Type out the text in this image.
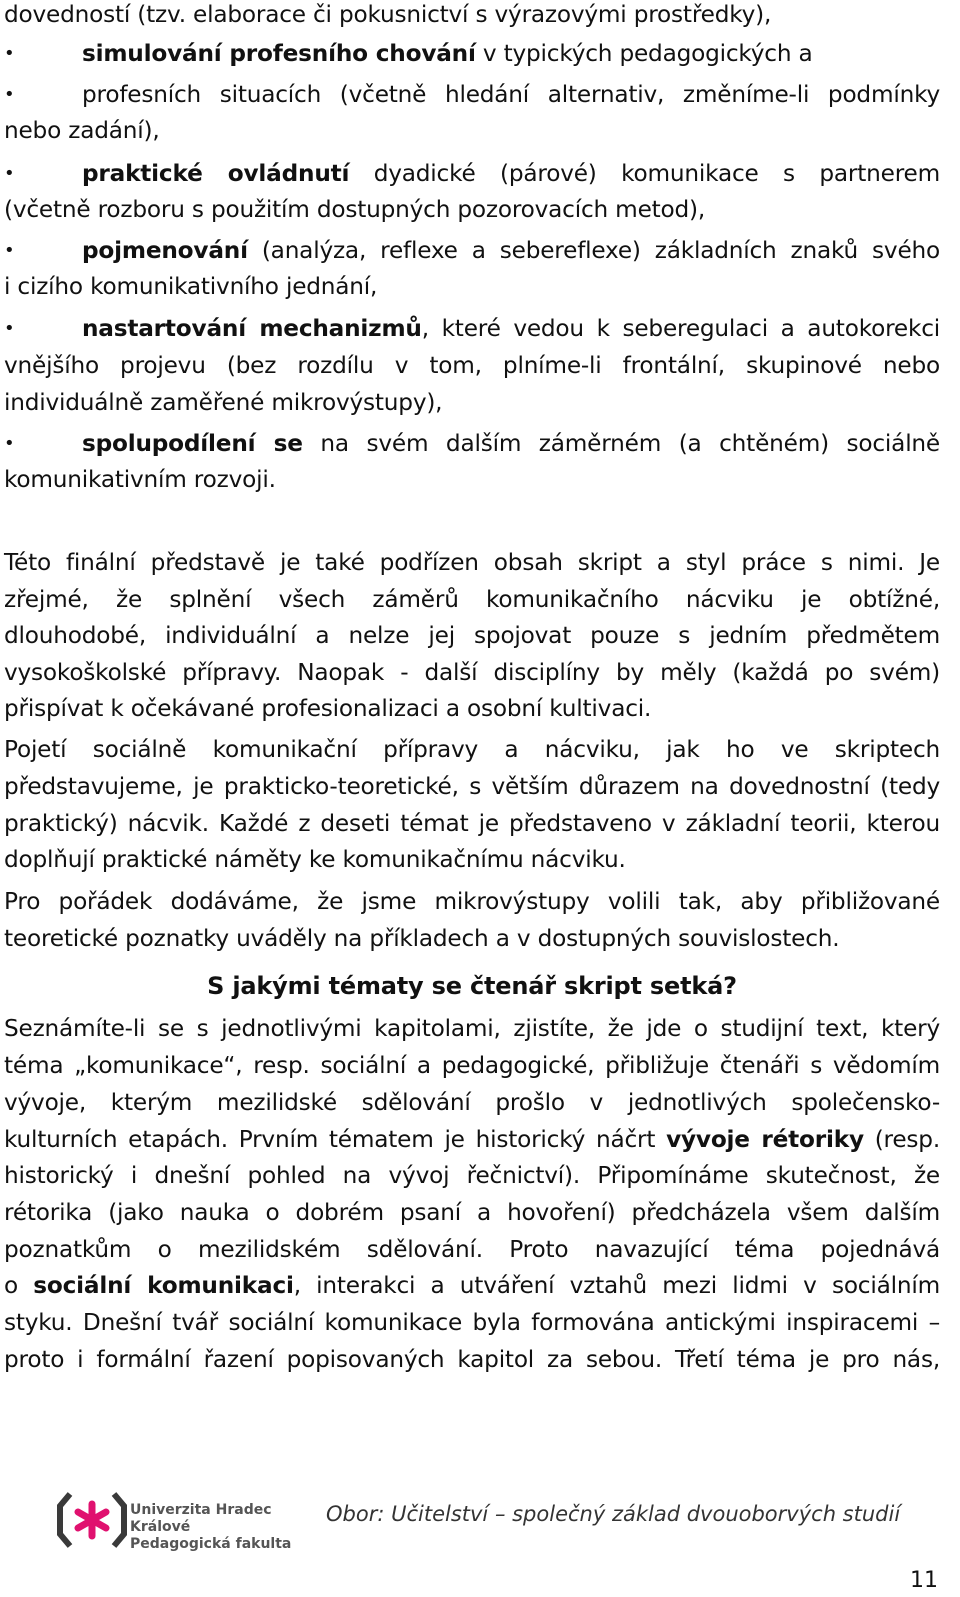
dovedností (tzv. elaborace či pokusnictví s výrazovými prostředky),
•	simulování profesního chování v typických pedagogických a
•	profesních situacích (včetně hledání alternativ, změníme-li podmínky
nebo zadání),
•	praktické ovládnutí dyadické (párové) komunikace s partnerem
(včetně rozboru s použitím dostupných pozorovacích metod),
•	pojmenování (analýza, reflexe a sebereflexe) základních znaků svého
i cizího komunikativního jednání,
•	nastartování mechanizmů, které vedou k seberegulaci a autokorekci
vnějšího projevu (bez rozdílu v tom, plníme-li frontální, skupinové nebo
individuálně zaměřené mikrovýstupy),
•	spolupodílení se na svém dalším záměrném (a chtěném) sociálně
komunikativním rozvoji.
Této finální představě je také podřízen obsah skript a styl práce s nimi. Je
zřejmé, že splnění všech záměrů komunikačního nácviku je obtížné,
dlouhodobé, individuální a nelze jej spojovat pouze s jedním předmětem
vysokoškolské přípravy. Naopak - další disciplíny by měly (každá po svém)
přispívat k očekávané profesionalizaci a osobní kultivaci.
Pojetí sociálně komunikační přípravy a nácviku, jak ho ve skriptech
představujeme, je prakticko-teoretické, s větším důrazem na dovednostní (tedy
praktický) nácvik. Každé z deseti témat je představeno v základní teorii, kterou
doplňují praktické náměty ke komunikačnímu nácviku.
Pro pořádek dodáváme, že jsme mikrovýstupy volili tak, aby přibližované
teoretické poznatky uváděly na příkladech a v dostupných souvislostech.
S jakými tématy se čtenář skript setká?
Seznámíte-li se s jednotlivými kapitolami, zjistíte, že jde o studijní text, který
téma „komunikace“, resp. sociální a pedagogické, přibližuje čtenáři s vědomím
vývoje, kterým mezilidské sdělování prošlo v jednotlivých společensko-
kulturních etapách. Prvním tématem je historický náčrt vývoje rétoriky (resp.
historický i dnešní pohled na vývoj řečnictví). Připomínáme skutečnost, že
rétorika (jako nauka o dobrém psaní a hovoření) předcházela všem dalším
poznatkům o mezilidském sdělování. Proto navazující téma pojednává
o sociální komunikaci, interakci a utváření vztahů mezi lidmi v sociálním
styku. Dnešní tvář sociální komunikace byla formována antickými inspiracemi –
proto i formální řazení popisovaných kapitol za sebou. Třetí téma je pro nás,
Univerzita Hradec Králové
Pedagogická fakulta
Obor: Učitelství – společný základ dvouoborvých studií
11
